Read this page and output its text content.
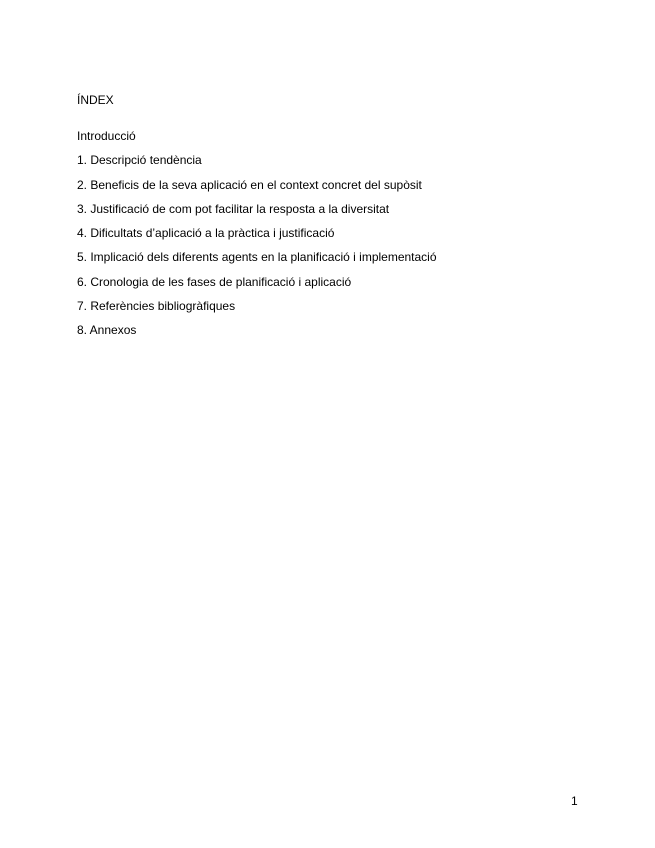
ÍNDEX
Introducció
1. Descripció tendència
2. Beneficis de la seva aplicació en el context concret del supòsit
3. Justificació de com pot facilitar la resposta a la diversitat
4. Dificultats d’aplicació a la pràctica i justificació
5. Implicació dels diferents agents en la planificació i implementació
6. Cronologia de les fases de planificació i aplicació
7. Referències bibliogràfiques
8. Annexos
1
